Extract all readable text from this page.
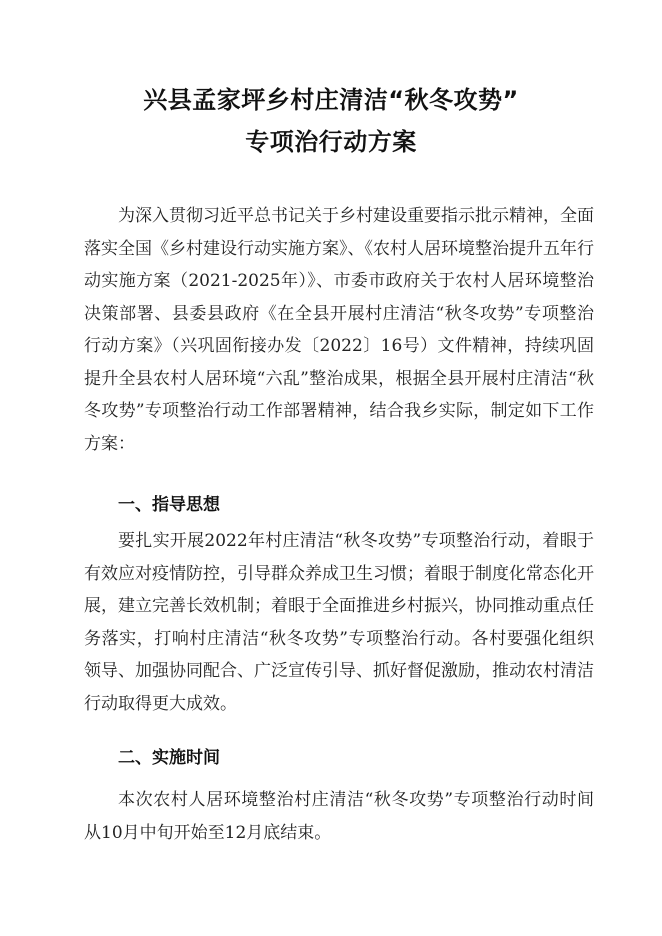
兴县孟家坪乡村庄清洁“秋冬攻势”
专项治行动方案

为深入贯彻习近平总书记关于乡村建设重要指示批示精神，全面落实全国《乡村建设行动实施方案》、《农村人居环境整治提升五年行动实施方案（2021-2025年）》、市委市政府关于农村人居环境整治决策部署、县委县政府《在全县开展村庄清洁“秋冬攻势”专项整治行动方案》（兴巩固衔接办发〔2022〕16号）文件精神，持续巩固提升全县农村人居环境“六乱”整治成果，根据全县开展村庄清洁“秋冬攻势”专项整治行动工作部署精神，结合我乡实际，制定如下工作方案：

一、指导思想

要扎实开展2022年村庄清洁“秋冬攻势”专项整治行动，着眼于有效应对疫情防控，引导群众养成卫生习惯；着眼于制度化常态化开展，建立完善长效机制；着眼于全面推进乡村振兴，协同推动重点任务落实，打响村庄清洁“秋冬攻势”专项整治行动。各村要强化组织领导、加强协同配合、广泛宣传引导、抓好督促激励，推动农村清洁行动取得更大成效。

二、实施时间

本次农村人居环境整治村庄清洁“秋冬攻势”专项整治行动时间从10月中旬开始至12月底结束。
